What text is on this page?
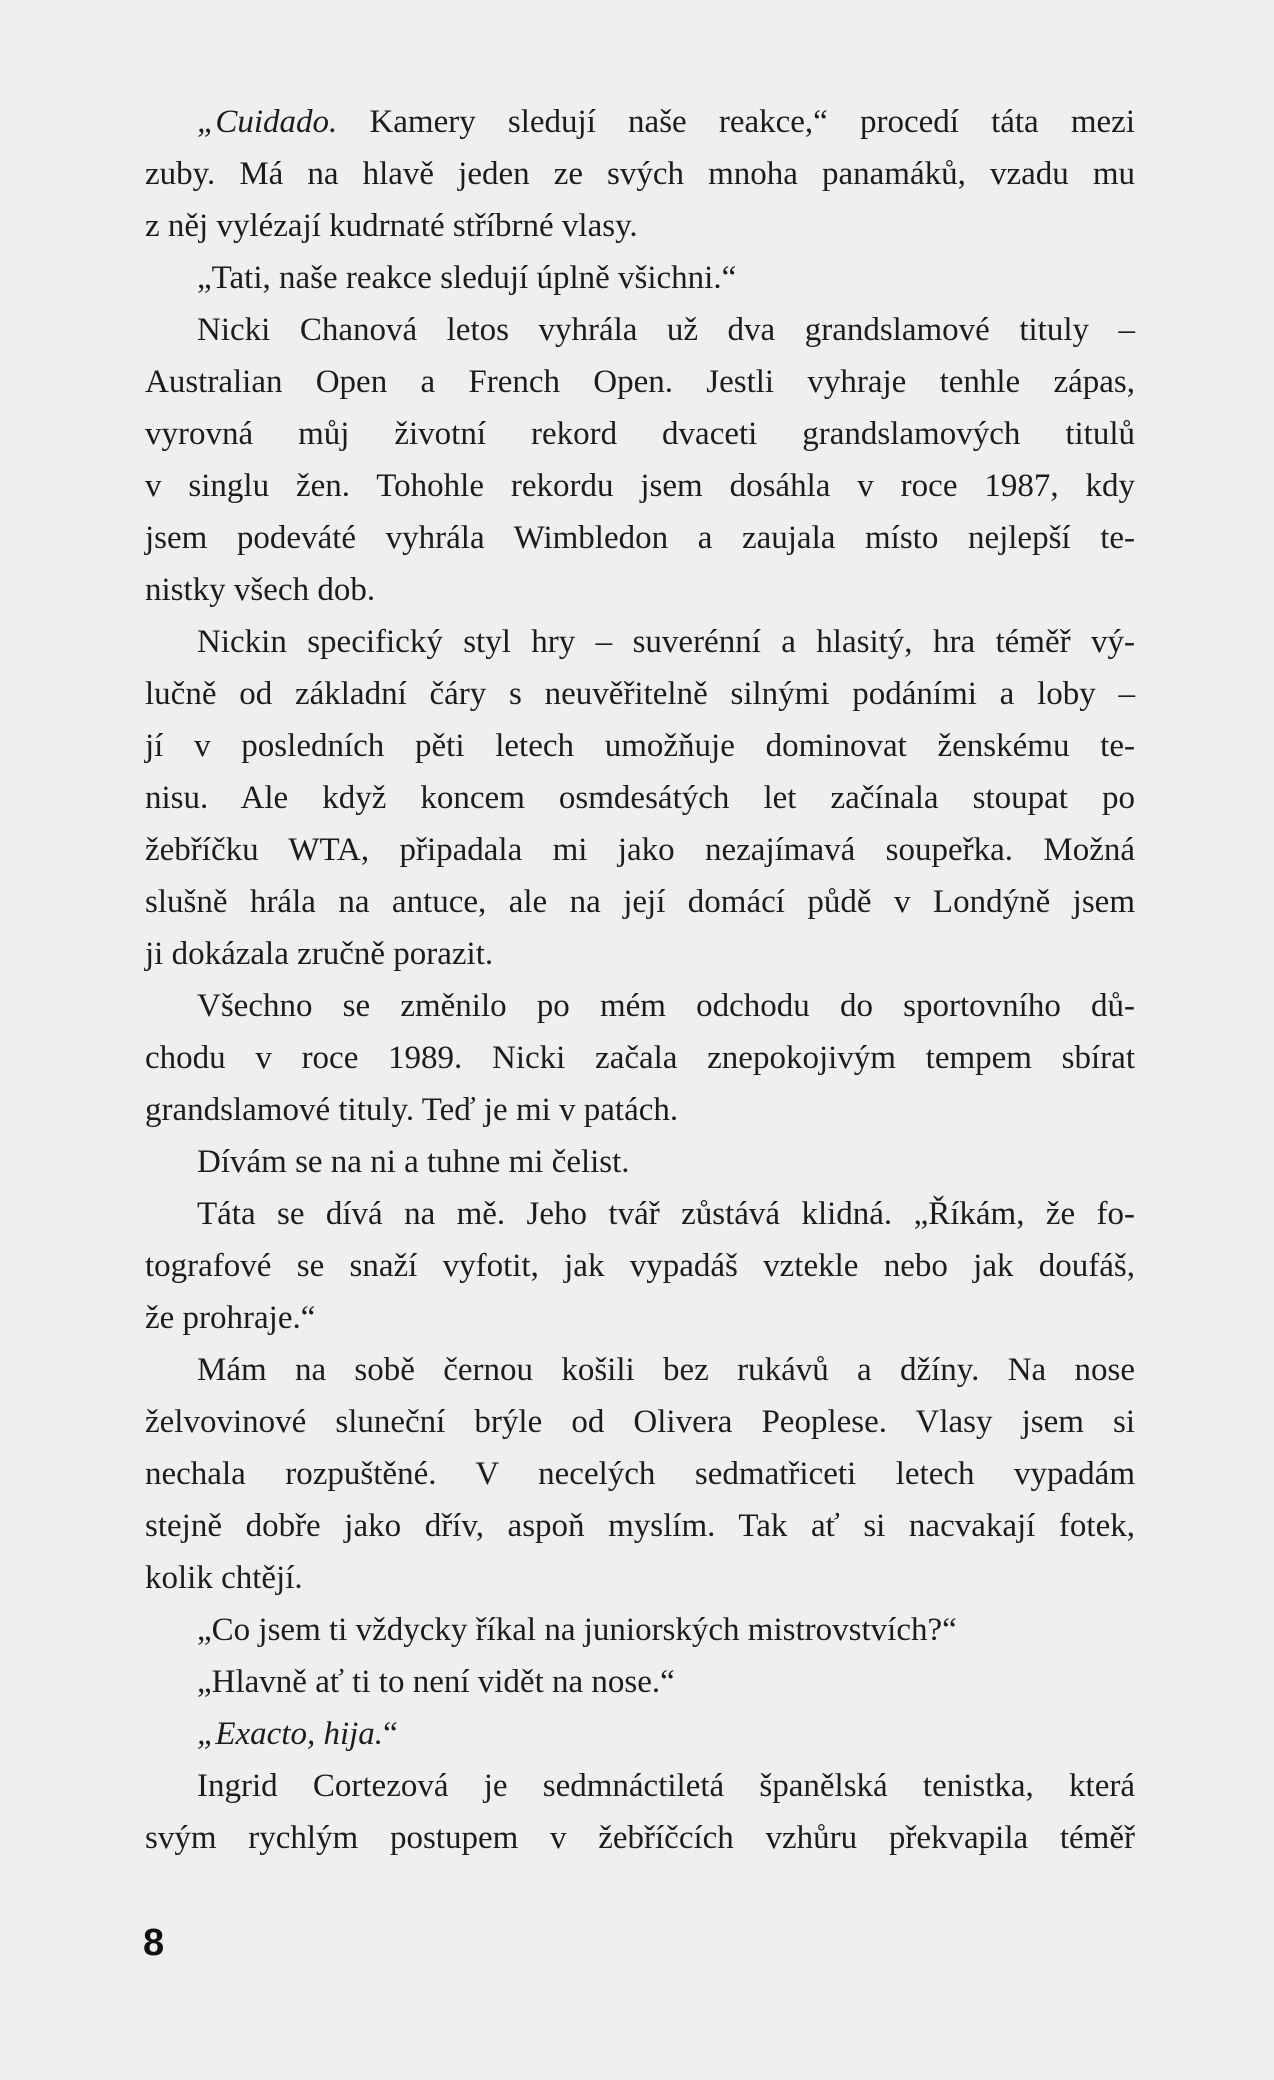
„Cuidado. Kamery sledují naše reakce,“ procedí táta mezi
zuby. Má na hlavě jeden ze svých mnoha panamáků, vzadu mu
z něj vylézají kudrnaté stříbrné vlasy.
„Tati, naše reakce sledují úplně všichni.“
Nicki Chanová letos vyhrála už dva grandslamové tituly –
Australian Open a French Open. Jestli vyhraje tenhle zápas,
vyrovná můj životní rekord dvaceti grandslamových titulů
v singlu žen. Tohohle rekordu jsem dosáhla v roce 1987, kdy
jsem podeváté vyhrála Wimbledon a zaujala místo nejlepší te-
nistky všech dob.
Nickin specifický styl hry – suverénní a hlasitý, hra téměř vý-
lučně od základní čáry s neuvěřitelně silnými podáními a loby –
jí v posledních pěti letech umožňuje dominovat ženskému te-
nisu. Ale když koncem osmdesátých let začínala stoupat po
žebříčku WTA, připadala mi jako nezajímavá soupeřka. Možná
slušně hrála na antuce, ale na její domácí půdě v Londýně jsem
ji dokázala zručně porazit.
Všechno se změnilo po mém odchodu do sportovního dů-
chodu v roce 1989. Nicki začala znepokojivým tempem sbírat
grandslamové tituly. Teď je mi v patách.
Dívám se na ni a tuhne mi čelist.
Táta se dívá na mě. Jeho tvář zůstává klidná. „Říkám, že fo-
tografové se snaží vyfotit, jak vypadáš vztekle nebo jak doufáš,
že prohraje.“
Mám na sobě černou košili bez rukávů a džíny. Na nose
želvovinové sluneční brýle od Olivera Peoplese. Vlasy jsem si
nechala rozpuštěné. V necelých sedmatřiceti letech vypadám
stejně dobře jako dřív, aspoň myslím. Tak ať si nacvakají fotek,
kolik chtějí.
„Co jsem ti vždycky říkal na juniorských mistrovstvích?“
„Hlavně ať ti to není vidět na nose.“
„Exacto, hija.“
Ingrid Cortezová je sedmnáctiletá španělská tenistka, která
svým rychlým postupem v žebříčcích vzhůru překvapila téměř
8
